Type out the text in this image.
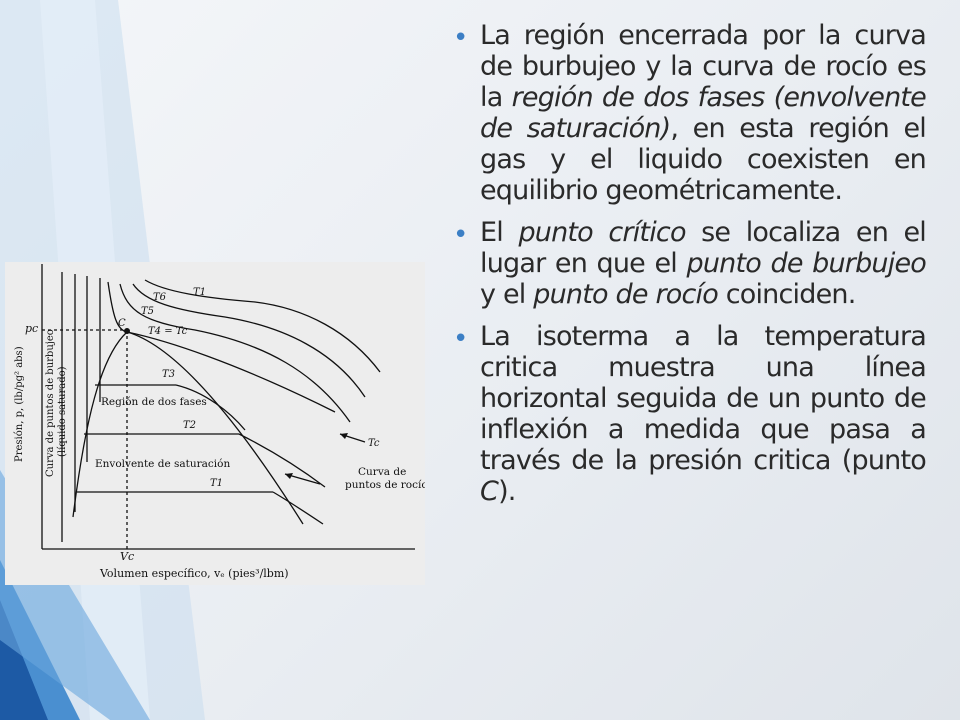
Presión, p, (lb/pg² abs) Curva de puntos de burbujeo (líquido saturado)
pc
Vc
C
Volumen específico, vₑ (pies³/lbm)
Región de dos fases
Envolvente de saturación
Curva de
puntos de rocío
T1
T6
T5
T4 = Tc
T3
T2
T1
Tc
• La región encerrada por la curva de burbujeo y la curva de rocío es la región de dos fases (envolvente de saturación), en esta región el gas y el liquido coexisten en equilibrio geométricamente.
• El punto crítico se localiza en el lugar en que el punto de burbujeo y el punto de rocío coinciden.
• La isoterma a la temperatura critica muestra una línea horizontal seguida de un punto de inflexión a medida que pasa a través de la presión critica (punto C).
